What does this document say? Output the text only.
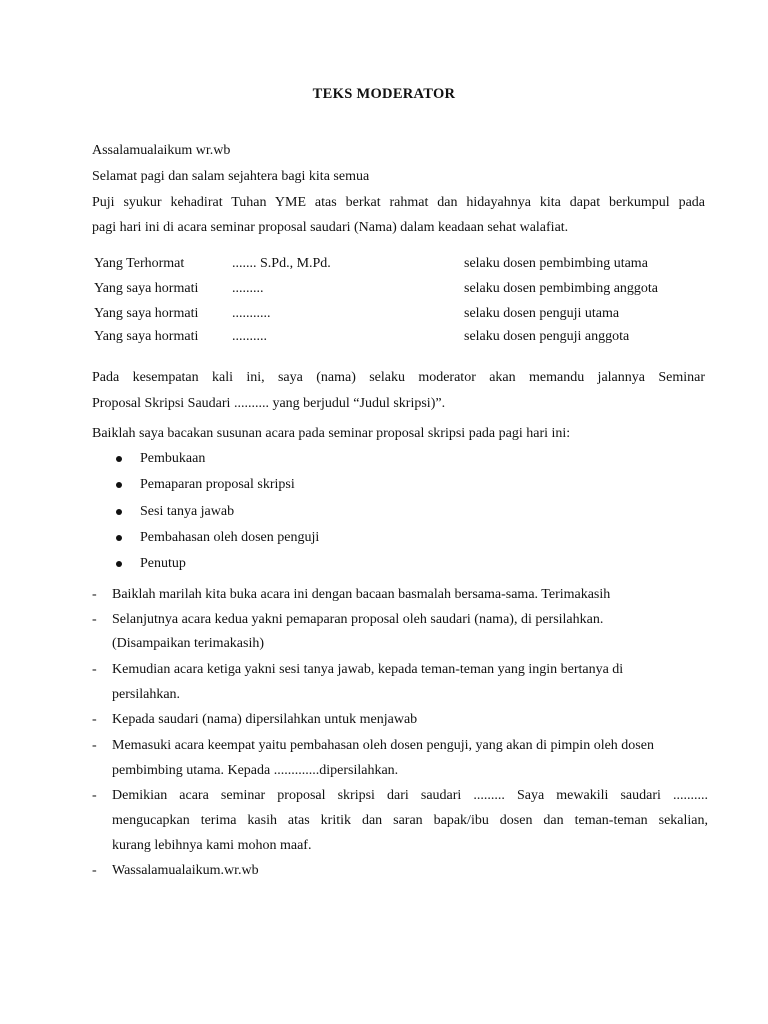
TEKS MODERATOR
Assalamualaikum wr.wb
Selamat pagi dan salam sejahtera bagi kita semua
Puji syukur kehadirat Tuhan YME atas berkat rahmat dan hidayahnya kita dapat berkumpul pada
pagi hari ini di acara seminar proposal saudari (Nama) dalam keadaan sehat walafiat.
Yang Terhormat	....... S.Pd., M.Pd.	selaku dosen pembimbing utama
Yang saya hormati .........	selaku dosen pembimbing anggota
Yang saya hormati ...........	selaku dosen penguji utama
Yang saya hormati ..........	selaku dosen penguji anggota
Pada kesempatan kali ini, saya (nama) selaku moderator akan memandu jalannya Seminar
Proposal Skripsi Saudari .......... yang berjudul “Judul skripsi)”.
Baiklah saya bacakan susunan acara pada seminar proposal skripsi pada pagi hari ini:
Pembukaan
Pemaparan proposal skripsi
Sesi tanya jawab
Pembahasan oleh dosen penguji
Penutup
- Baiklah marilah kita buka acara ini dengan bacaan basmalah bersama-sama. Terimakasih
- Selanjutnya acara kedua yakni pemaparan proposal oleh saudari (nama), di persilahkan.
(Disampaikan terimakasih)
- Kemudian acara ketiga yakni sesi tanya jawab, kepada teman-teman yang ingin bertanya di
persilahkan.
- Kepada saudari (nama) dipersilahkan untuk menjawab
- Memasuki acara keempat yaitu pembahasan oleh dosen penguji, yang akan di pimpin oleh dosen
pembimbing utama. Kepada .............dipersilahkan.
- Demikian acara seminar proposal skripsi dari saudari ......... Saya mewakili saudari ..........
mengucapkan terima kasih atas kritik dan saran bapak/ibu dosen dan teman-teman sekalian,
kurang lebihnya kami mohon maaf.
- Wassalamualaikum.wr.wb
